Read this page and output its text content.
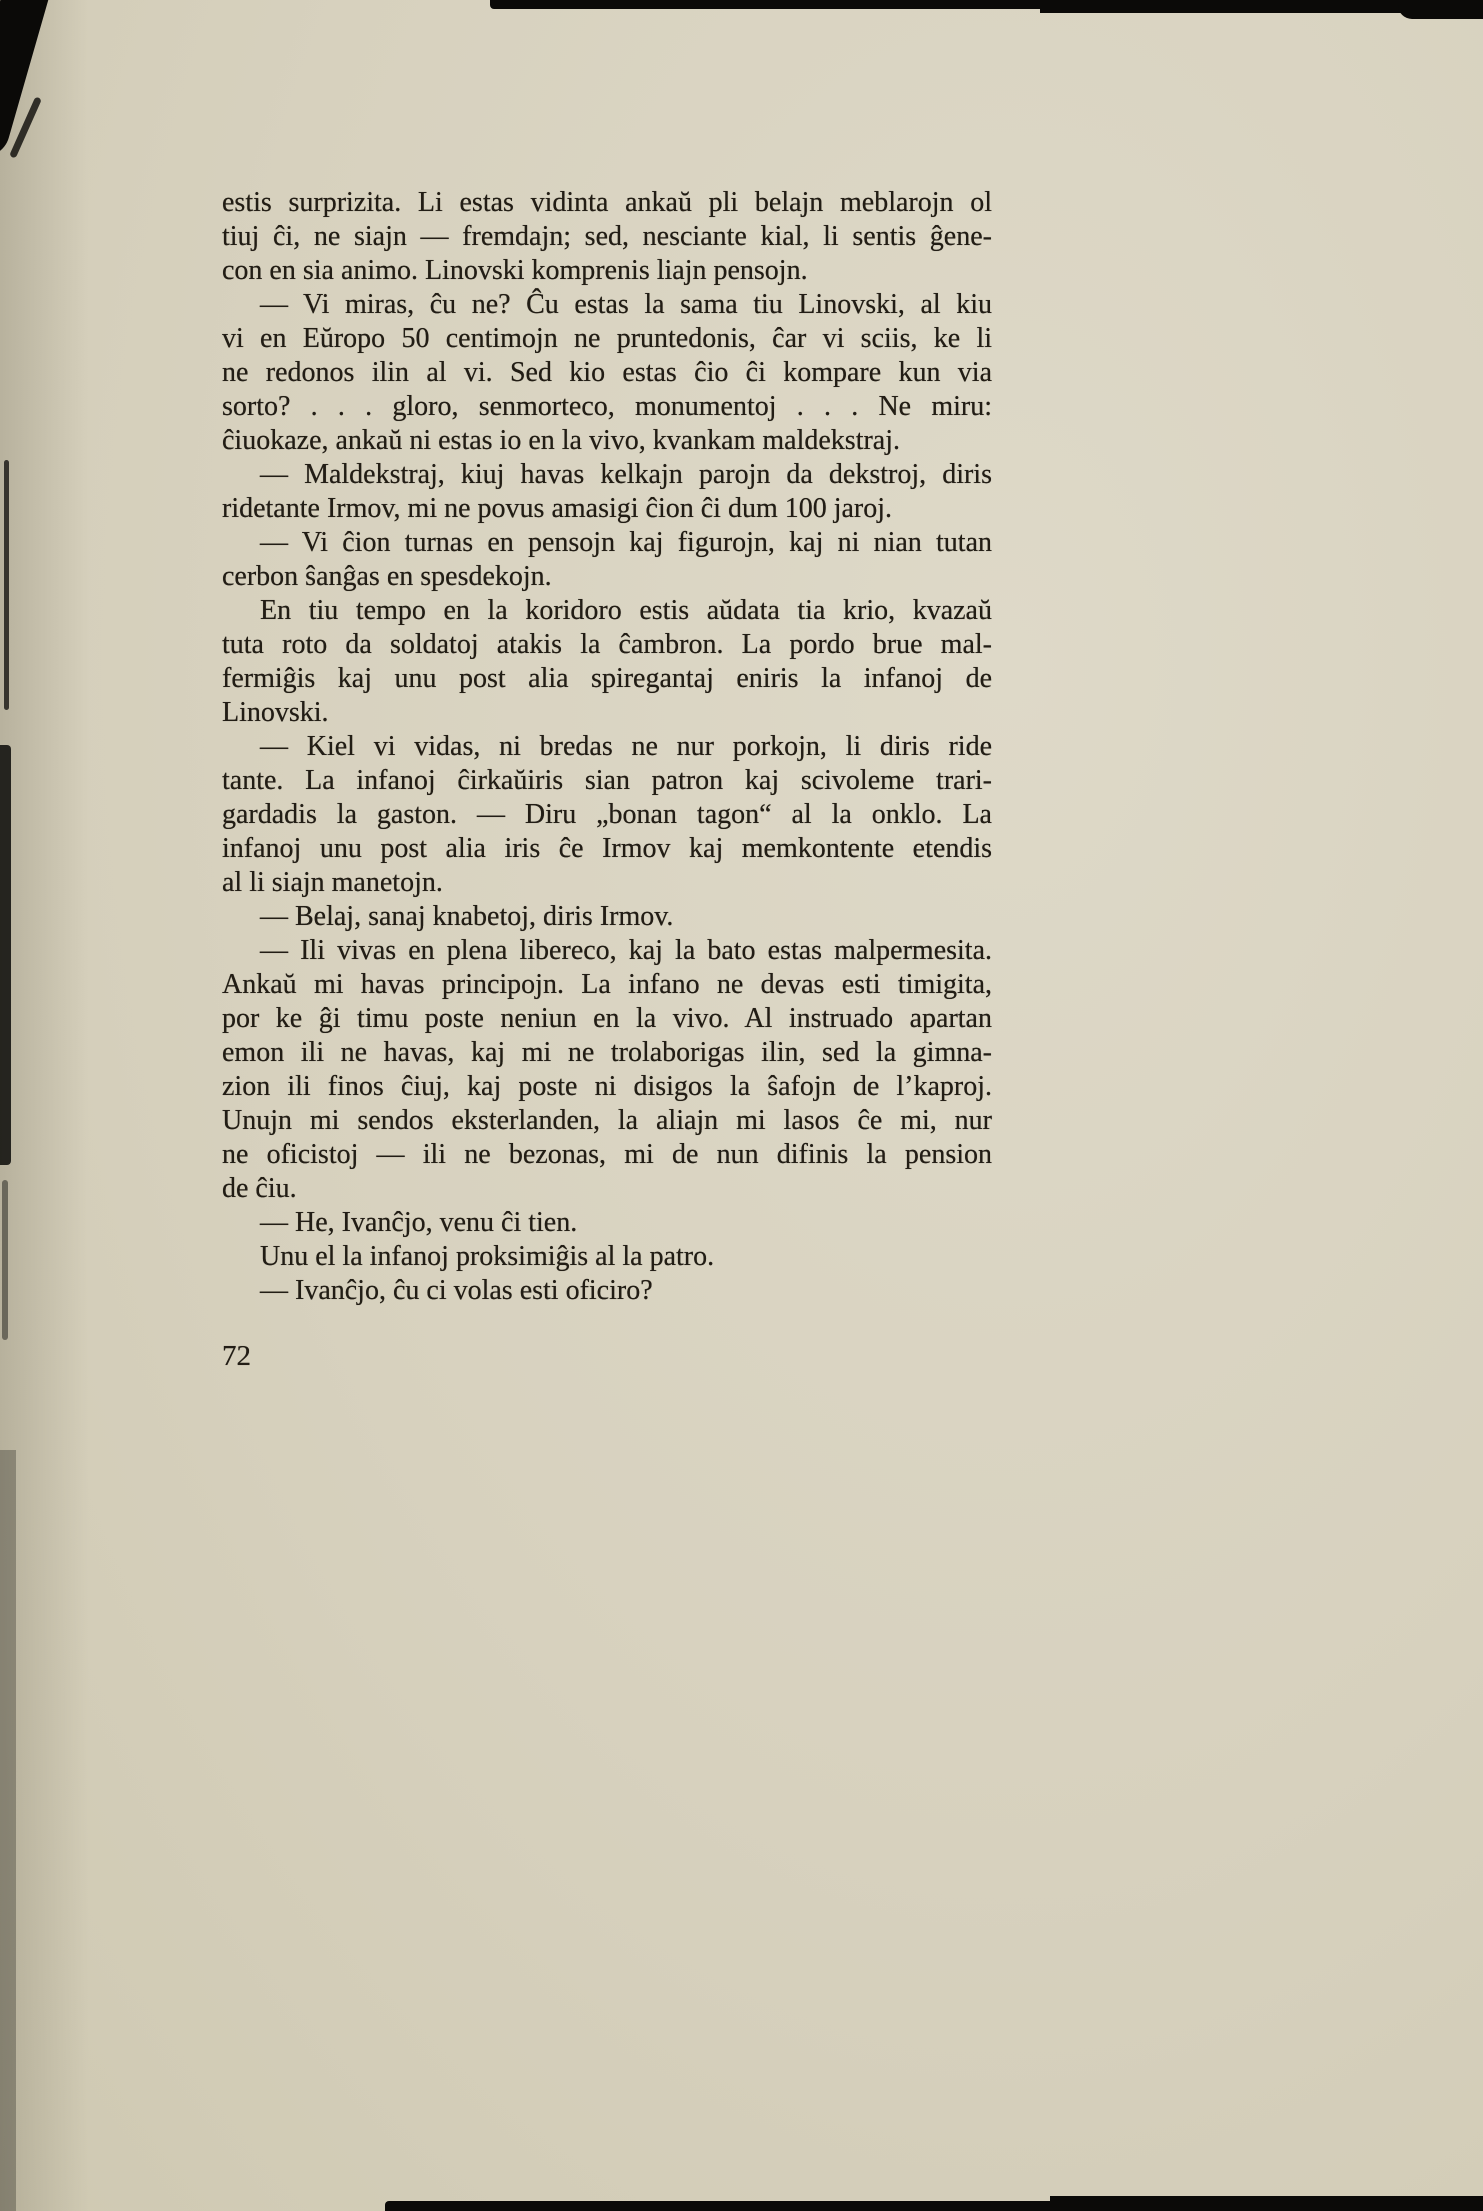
estis surprizita. Li estas vidinta ankaŭ pli belajn meblarojn ol
tiuj ĉi, ne siajn — fremdajn; sed, nesciante kial, li sentis ĝene-
con en sia animo. Linovski komprenis liajn pensojn.
— Vi miras, ĉu ne? Ĉu estas la sama tiu Linovski, al kiu
vi en Eŭropo 50 centimojn ne pruntedonis, ĉar vi sciis, ke li
ne redonos ilin al vi. Sed kio estas ĉio ĉi kompare kun via
sorto? . . . gloro, senmorteco, monumentoj . . . Ne miru:
ĉiuokaze, ankaŭ ni estas io en la vivo, kvankam maldekstraj.
— Maldekstraj, kiuj havas kelkajn parojn da dekstroj, diris
ridetante Irmov, mi ne povus amasigi ĉion ĉi dum 100 jaroj.
— Vi ĉion turnas en pensojn kaj figurojn, kaj ni nian tutan
cerbon ŝanĝas en spesdekojn.
En tiu tempo en la koridoro estis aŭdata tia krio, kvazaŭ
tuta roto da soldatoj atakis la ĉambron. La pordo brue mal-
fermiĝis kaj unu post alia spiregantaj eniris la infanoj de
Linovski.
— Kiel vi vidas, ni bredas ne nur porkojn, li diris ride
tante. La infanoj ĉirkaŭiris sian patron kaj scivoleme trari-
gardadis la gaston. — Diru „bonan tagon“ al la onklo. La
infanoj unu post alia iris ĉe Irmov kaj memkontente etendis
al li siajn manetojn.
— Belaj, sanaj knabetoj, diris Irmov.
— Ili vivas en plena libereco, kaj la bato estas malpermesita.
Ankaŭ mi havas principojn. La infano ne devas esti timigita,
por ke ĝi timu poste neniun en la vivo. Al instruado apartan
emon ili ne havas, kaj mi ne trolaborigas ilin, sed la gimna-
zion ili finos ĉiuj, kaj poste ni disigos la ŝafojn de l’kaproj.
Unujn mi sendos eksterlanden, la aliajn mi lasos ĉe mi, nur
ne oficistoj — ili ne bezonas, mi de nun difinis la pension
de ĉiu.
— He, Ivanĉjo, venu ĉi tien.
Unu el la infanoj proksimiĝis al la patro.
— Ivanĉjo, ĉu ci volas esti oficiro?
72
